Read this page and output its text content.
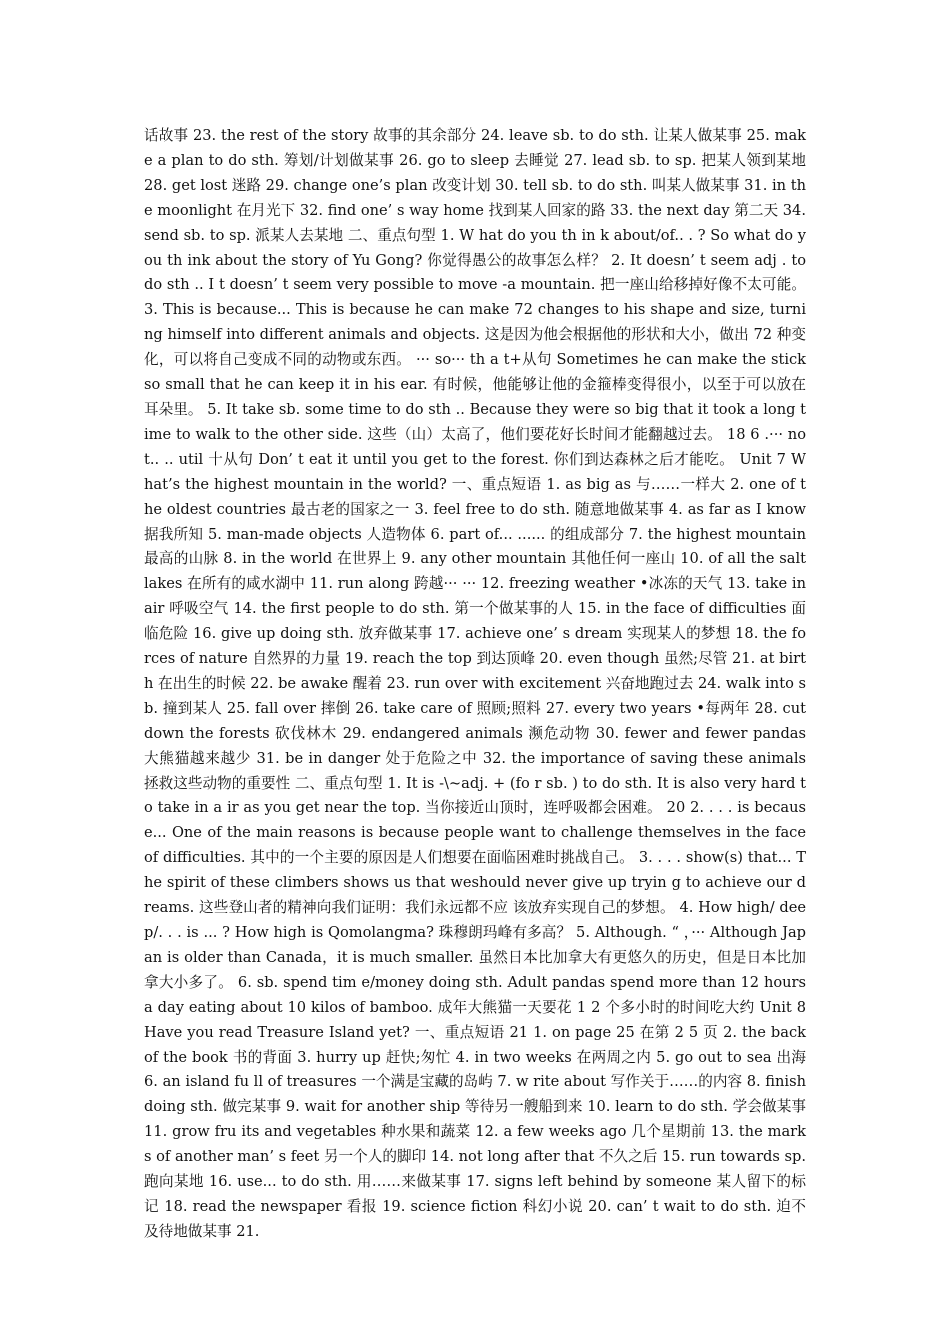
话故事 23. the rest of the story 故事的其余部分 24. leave sb. to do sth. 让某人做某事 25. make a plan to do sth. 筹划/计划做某事 26. go to sleep 去睡觉 27. lead sb. to sp. 把某人领到某地 28. get lost 迷路 29. change one’s plan 改变计划 30. tell sb. to do sth. 叫某人做某事 31. in the moonlight 在月光下 32. find one’ s way home 找到某人回家的路 33. the next day 第二天 34. send sb. to sp. 派某人去某地 二、重点句型 1. W hat do you th in k about/of.. . ? So what do you th ink about the story of Yu Gong? 你觉得愚公的故事怎么样？ 2. It doesn’ t seem adj . to do sth .. I t doesn’ t seem very possible to move -a mountain. 把一座山给移掉好像不太可能。 3. This is because... This is because he can make 72 changes to his shape and size, turning himself into different animals and objects. 这是因为他会根据他的形状和大小，做出 72 种变化，可以将自己变成不同的动物或东西。 ··· so··· th a t+从句 Sometimes he can make the stick so small that he can keep it in his ear. 有时候，他能够让他的金箍棒变得很小，以至于可以放在耳朵里。 5. It take sb. some time to do sth .. Because they were so big that it took a long time to walk to the other side. 这些（山）太高了，他们要花好长时间才能翻越过去。 18 6 .··· not.. .. util 十从句 Don’ t eat it until you get to the forest. 你们到达森林之后才能吃。 Unit 7 W hat’s the highest mountain in the world? 一、重点短语 1. as big as 与……一样大 2. one of the oldest countries 最古老的国家之一 3. feel free to do sth. 随意地做某事 4. as far as I know 据我所知 5. man-made objects 人造物体 6. part of... ...... 的组成部分 7. the highest mountain 最高的山脉 8. in the world 在世界上 9. any other mountain 其他任何一座山 10. of all the salt lakes 在所有的咸水湖中 11. run along 跨越··· ··· 12. freezing weather •冰冻的天气 13. take in air 呼吸空气 14. the first people to do sth. 第一个做某事的人 15. in the face of difficulties 面临危险 16. give up doing sth. 放弃做某事 17. achieve one’ s dream 实现某人的梦想 18. the forces of nature 自然界的力量 19. reach the top 到达顶峰 20. even though 虽然;尽管 21. at birth 在出生的时候 22. be awake 醒着 23. run over with excitement 兴奋地跑过去 24. walk into sb. 撞到某人 25. fall over 摔倒 26. take care of 照顾;照料 27. every two years •每两年 28. cut down the forests 砍伐林木 29. endangered animals 濒危动物 30. fewer and fewer pandas 大熊猫越来越少 31. be in danger 处于危险之中 32. the importance of saving these animals 拯救这些动物的重要性 二、重点句型 1. It is -\~adj. + (fo r sb. ) to do sth. It is also very hard to take in a ir as you get near the top. 当你接近山顶时，连呼吸都会困难。 20 2. . . . is because... One of the main reasons is because people want to challenge themselves in the face of difficulties. 其中的一个主要的原因是人们想要在面临困难时挑战自己。 3. . . . show(s) that... The spirit of these climbers shows us that weshould never give up tryin g to achieve our dreams. 这些登山者的精神向我们证明：我们永远都不应 该放弃实现自己的梦想。 4. How high/ deep/. . . is ... ? How high is Qomolangma? 珠穆朗玛峰有多高？ 5. Although. “ ，··· Although Japan is older than Canada，it is much smaller. 虽然日本比加拿大有更悠久的历史，但是日本比加拿大小多了。 6. sb. spend tim e/money doing sth. Adult pandas spend more than 12 hours a day eating about 10 kilos of bamboo. 成年大熊猫一天要花 1 2 个多小时的时间吃大约 Unit 8 Have you read Treasure Island yet? 一、重点短语 21 1. on page 25 在第 2 5 页 2. the back of the book 书的背面 3. hurry up 赶快;匆忙 4. in two weeks 在两周之内 5. go out to sea 出海 6. an island fu ll of treasures 一个满是宝藏的岛屿 7. w rite about 写作关于……的内容 8. finish doing sth. 做完某事 9. wait for another ship 等待另一艘船到来 10. learn to do sth. 学会做某事 11. grow fru its and vegetables 种水果和蔬菜 12. a few weeks ago 几个星期前 13. the marks of another man’ s feet 另一个人的脚印 14. not long after that 不久之后 15. run towards sp. 跑向某地 16. use... to do sth. 用……来做某事 17. signs left behind by someone 某人留下的标记 18. read the newspaper 看报 19. science fiction 科幻小说 20. can’ t wait to do sth. 迫不及待地做某事 21.
